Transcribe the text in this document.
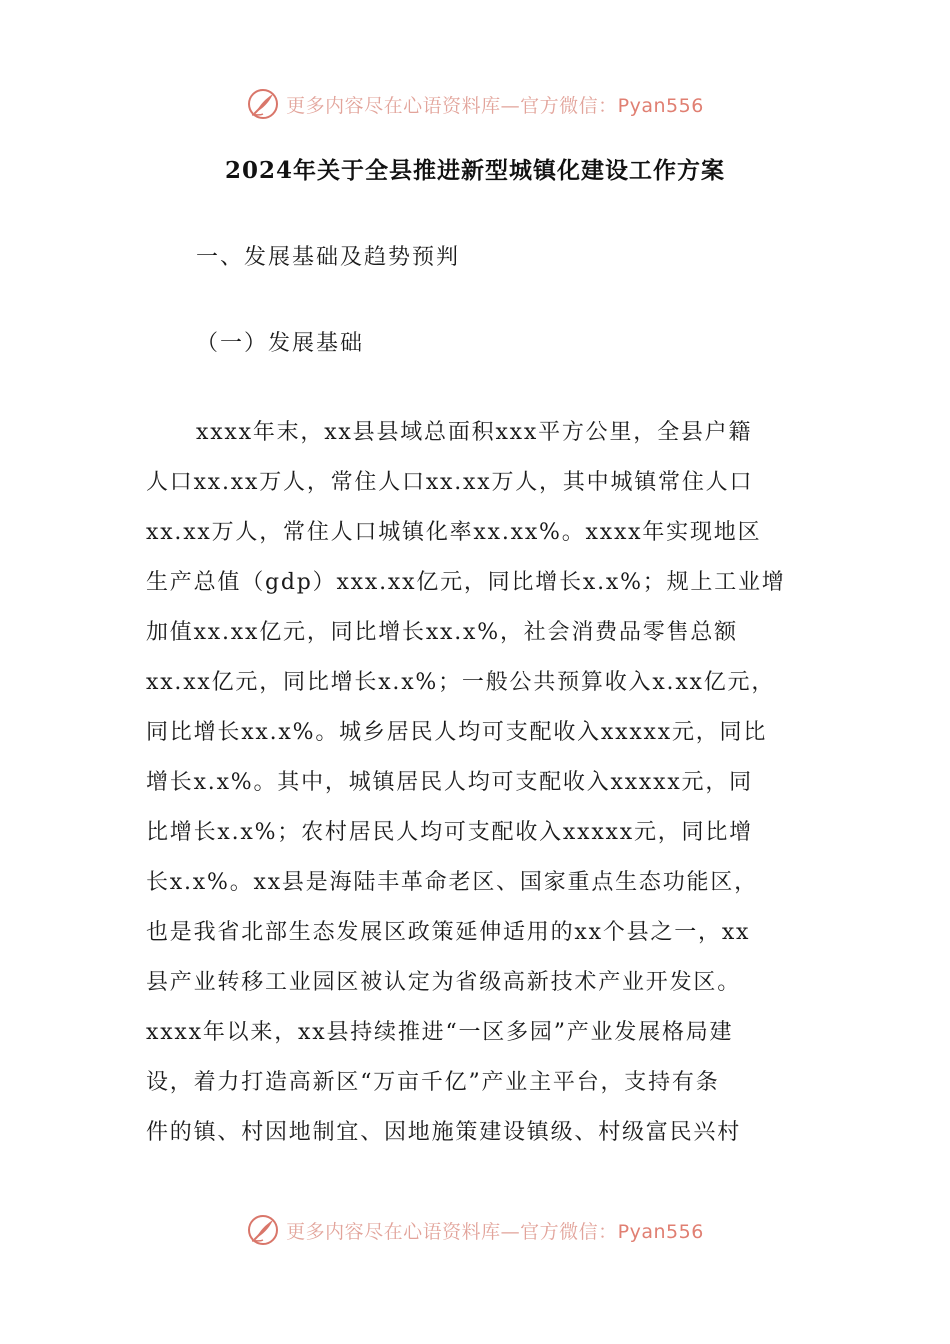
更多内容尽在心语资料库—官方微信：Pyan556
2024年关于全县推进新型城镇化建设工作方案
一、发展基础及趋势预判
（一）发展基础
xxxx年末，xx县县域总面积xxx平方公里，全县户籍
人口xx.xx万人，常住人口xx.xx万人，其中城镇常住人口
xx.xx万人，常住人口城镇化率xx.xx%。xxxx年实现地区
生产总值（gdp）xxx.xx亿元，同比增长x.x%；规上工业增
加值xx.xx亿元，同比增长xx.x%，社会消费品零售总额
xx.xx亿元，同比增长x.x%；一般公共预算收入x.xx亿元，
同比增长xx.x%。城乡居民人均可支配收入xxxxx元，同比
增长x.x%。其中，城镇居民人均可支配收入xxxxx元，同
比增长x.x%；农村居民人均可支配收入xxxxx元，同比增
长x.x%。xx县是海陆丰革命老区、国家重点生态功能区，
也是我省北部生态发展区政策延伸适用的xx个县之一，xx
县产业转移工业园区被认定为省级高新技术产业开发区。
xxxx年以来，xx县持续推进“一区多园”产业发展格局建
设，着力打造高新区“万亩千亿”产业主平台，支持有条
件的镇、村因地制宜、因地施策建设镇级、村级富民兴村
更多内容尽在心语资料库—官方微信：Pyan556
